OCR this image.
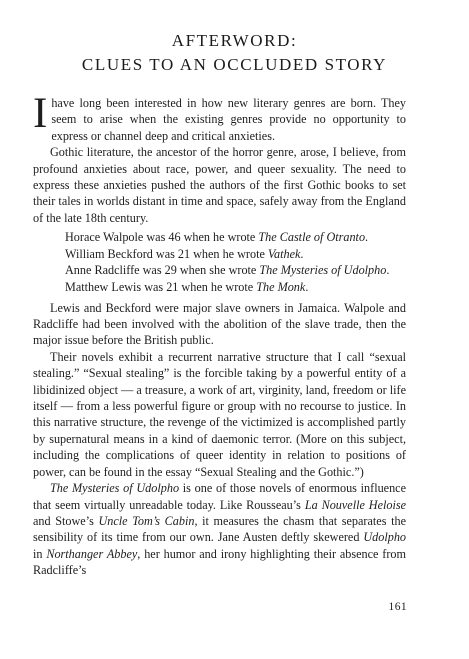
AFTERWORD:
CLUES TO AN OCCLUDED STORY

Ihave long been interested in how new literary genres are born. They seem to arise when the existing genres provide no opportunity to express or channel deep and critical anxieties.

Gothic literature, the ancestor of the horror genre, arose, I believe, from profound anxieties about race, power, and queer sexuality. The need to express these anxieties pushed the authors of the first Gothic books to set their tales in worlds distant in time and space, safely away from the England of the late 18th century.

Horace Walpole was 46 when he wrote The Castle of Otranto.
William Beckford was 21 when he wrote Vathek.
Anne Radcliffe was 29 when she wrote The Mysteries of Udolpho.
Matthew Lewis was 21 when he wrote The Monk.

Lewis and Beckford were major slave owners in Jamaica. Walpole and Radcliffe had been involved with the abolition of the slave trade, then the major issue before the British public.

Their novels exhibit a recurrent narrative structure that I call “sexual stealing.” “Sexual stealing” is the forcible taking by a powerful entity of a libidinized object — a treasure, a work of art, virginity, land, freedom or life itself — from a less powerful figure or group with no recourse to justice. In this narrative structure, the revenge of the victimized is accomplished partly by supernatural means in a kind of daemonic terror. (More on this subject, including the complications of queer identity in relation to positions of power, can be found in the essay “Sexual Stealing and the Gothic.”)

The Mysteries of Udolpho is one of those novels of enormous influence that seem virtually unreadable today. Like Rousseau’s La Nouvelle Heloise and Stowe’s Uncle Tom’s Cabin, it measures the chasm that separates the sensibility of its time from our own. Jane Austen deftly skewered Udolpho in Northanger Abbey, her humor and irony highlighting their absence from Radcliffe’s

161
